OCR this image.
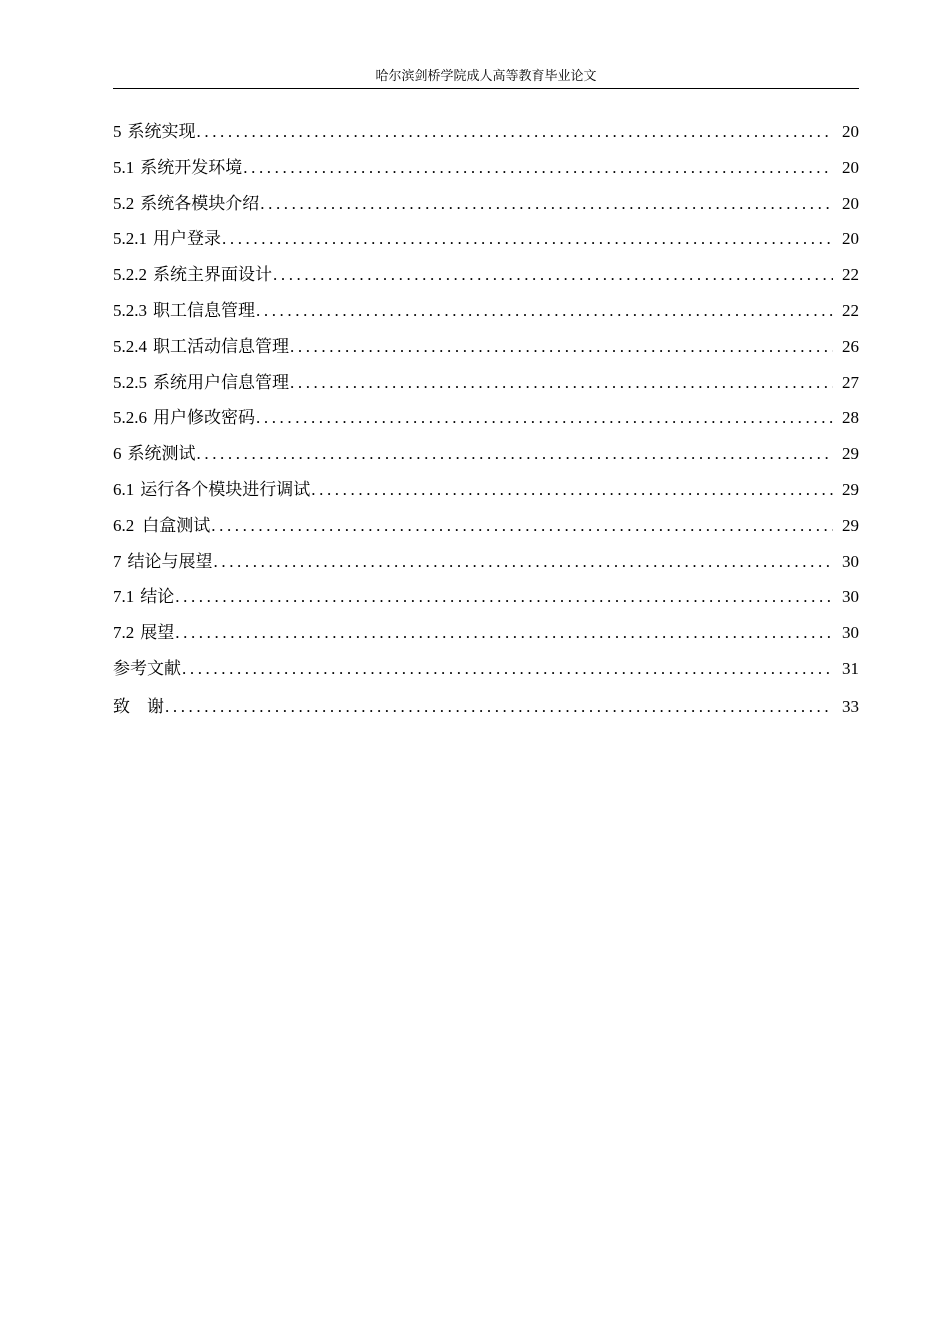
哈尔滨剑桥学院成人高等教育毕业论文
5 系统实现 .....	20
5.1 系统开发环境 .....	20
5.2 系统各模块介绍 .....	20
5.2.1 用户登录 .....	20
5.2.2 系统主界面设计 .....	22
5.2.3 职工信息管理 .....	22
5.2.4 职工活动信息管理 .....	26
5.2.5 系统用户信息管理 .....	27
5.2.6 用户修改密码 .....	28
6 系统测试 .....	29
6.1 运行各个模块进行调试 .....	29
6.2 白盒测试 .....	29
7 结论与展望 .....	30
7.1 结论 .....	30
7.2 展望 .....	30
参考文献 .....	31
致　谢 .....	33
